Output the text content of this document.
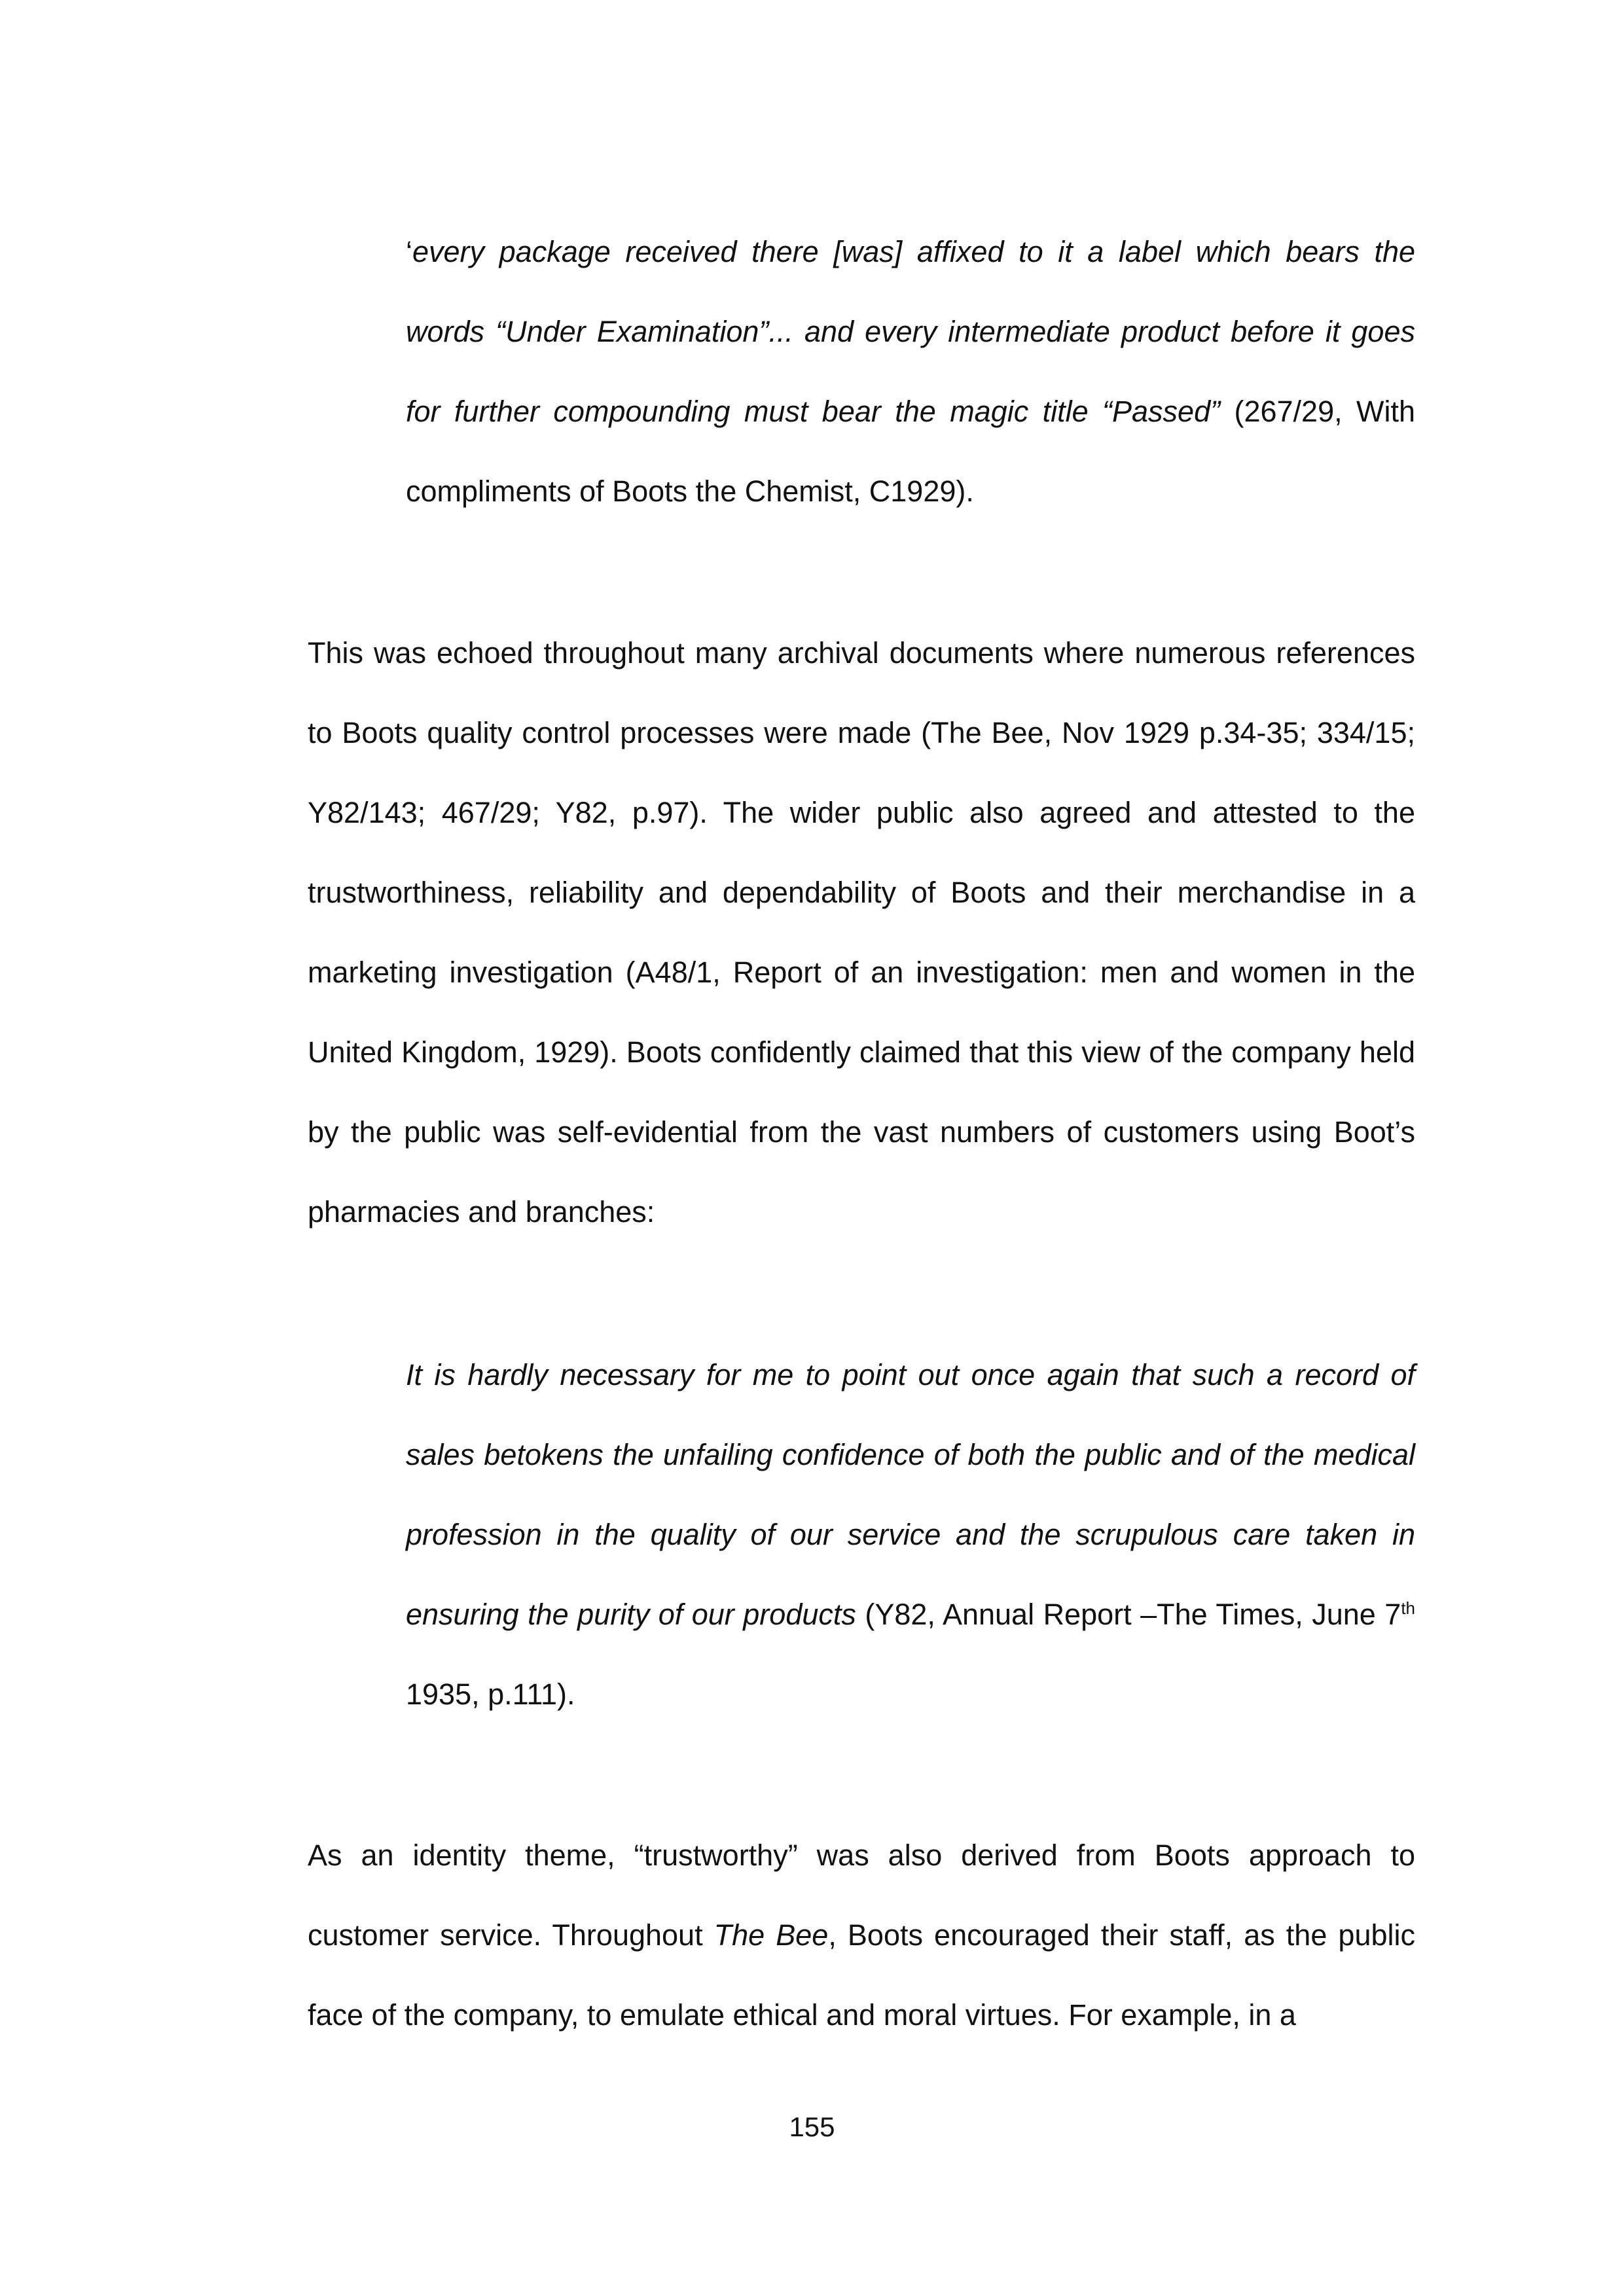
‘every package received there [was] affixed to it a label which bears the words “Under Examination”... and every intermediate product before it goes for further compounding must bear the magic title “Passed” (267/29, With compliments of Boots the Chemist, C1929).

This was echoed throughout many archival documents where numerous references to Boots quality control processes were made (The Bee, Nov 1929 p.34-35; 334/15; Y82/143; 467/29; Y82, p.97). The wider public also agreed and attested to the trustworthiness, reliability and dependability of Boots and their merchandise in a marketing investigation (A48/1, Report of an investigation: men and women in the United Kingdom, 1929). Boots confidently claimed that this view of the company held by the public was self-evidential from the vast numbers of customers using Boot’s pharmacies and branches:

It is hardly necessary for me to point out once again that such a record of sales betokens the unfailing confidence of both the public and of the medical profession in the quality of our service and the scrupulous care taken in ensuring the purity of our products (Y82, Annual Report –The Times, June 7th 1935, p.111).

As an identity theme, “trustworthy” was also derived from Boots approach to customer service. Throughout The Bee, Boots encouraged their staff, as the public face of the company, to emulate ethical and moral virtues. For example, in a

155
